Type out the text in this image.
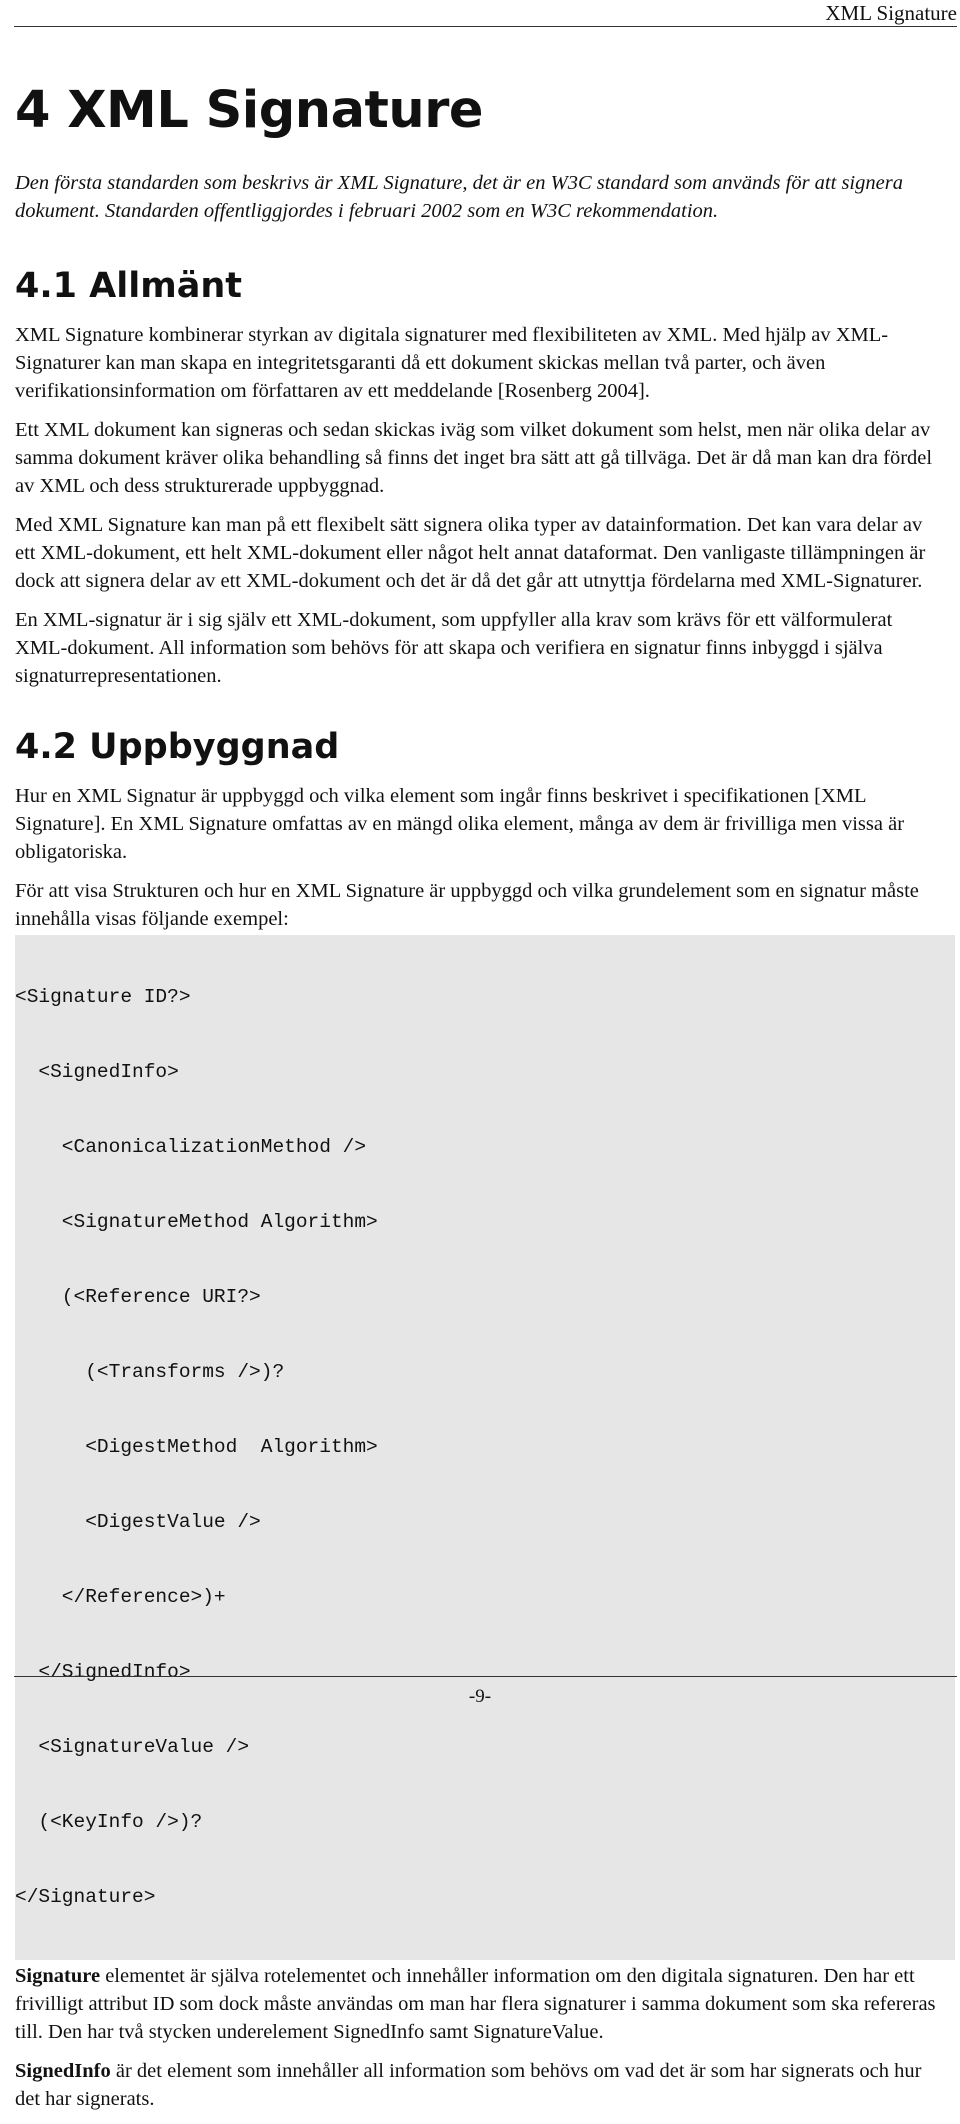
XML Signature
4 XML Signature

Den första standarden som beskrivs är XML Signature, det är en W3C standard som används för att signera dokument. Standarden offentliggjordes i februari 2002 som en W3C rekommendation.

4.1 Allmänt

XML Signature kombinerar styrkan av digitala signaturer med flexibiliteten av XML. Med hjälp av XML-Signaturer kan man skapa en integritetsgaranti då ett dokument skickas mellan två parter, och även verifikationsinformation om författaren av ett meddelande [Rosenberg 2004].

Ett XML dokument kan signeras och sedan skickas iväg som vilket dokument som helst, men när olika delar av samma dokument kräver olika behandling så finns det inget bra sätt att gå tillväga. Det är då man kan dra fördel av XML och dess strukturerade uppbyggnad.

Med XML Signature kan man på ett flexibelt sätt signera olika typer av datainformation. Det kan vara delar av ett XML-dokument, ett helt XML-dokument eller något helt annat dataformat. Den vanligaste tillämpningen är dock att signera delar av ett XML-dokument och det är då det går att utnyttja fördelarna med XML-Signaturer.

En XML-signatur är i sig själv ett XML-dokument, som uppfyller alla krav som krävs för ett välformulerat XML-dokument. All information som behövs för att skapa och verifiera en signatur finns inbyggd i själva signaturrepresentationen.

4.2 Uppbyggnad

Hur en XML Signatur är uppbyggd och vilka element som ingår finns beskrivet i specifikationen [XML Signature]. En XML Signature omfattas av en mängd olika element, många av dem är frivilliga men vissa är obligatoriska.

För att visa Strukturen och hur en XML Signature är uppbyggd och vilka grundelement som en signatur måste innehålla visas följande exempel:

<Signature ID?>

<SignedInfo>

<CanonicalizationMethod />

<SignatureMethod Algorithm>

(<Reference URI?>

(<Transforms />)?

<DigestMethod  Algorithm>

<DigestValue />

</Reference>)+

</SignedInfo>

<SignatureValue />

(<KeyInfo />)?

</Signature>

Signature elementet är själva rotelementet och innehåller information om den digitala signaturen. Den har ett frivilligt attribut ID som dock måste användas om man har flera signaturer i samma dokument som ska refereras till. Den har två stycken underelement SignedInfo samt SignatureValue.

SignedInfo är det element som innehåller all information som behövs om vad det är som har signerats och hur det har signerats.

-9-
